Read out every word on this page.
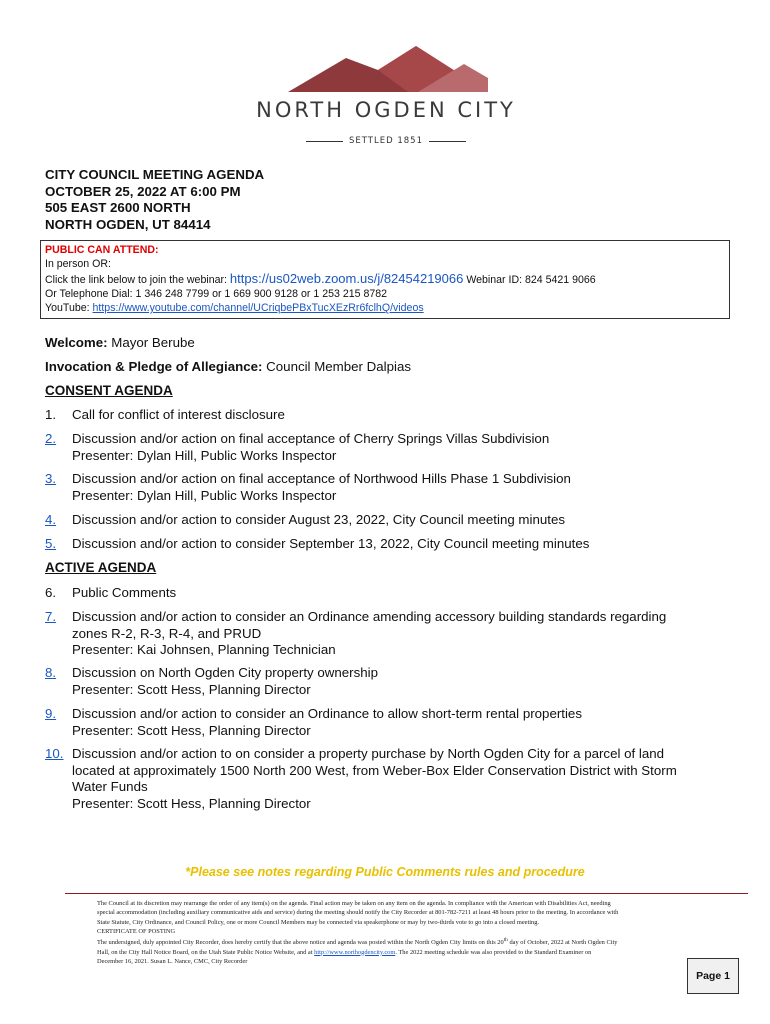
NORTH OGDEN CITY
SETTLED 1851
CITY COUNCIL MEETING AGENDA
OCTOBER 25, 2022 AT 6:00 PM
505 EAST 2600 NORTH
NORTH OGDEN, UT 84414
PUBLIC CAN ATTEND:
In person OR:
Click the link below to join the webinar: https://us02web.zoom.us/j/82454219066 Webinar ID: 824 5421 9066
Or Telephone Dial: 1 346 248 7799 or 1 669 900 9128 or 1 253 215 8782
YouTube: https://www.youtube.com/channel/UCriqbePBxTucXEzRr6fclhQ/videos
Welcome: Mayor Berube
Invocation & Pledge of Allegiance: Council Member Dalpias
CONSENT AGENDA
1. Call for conflict of interest disclosure
2. Discussion and/or action on final acceptance of Cherry Springs Villas Subdivision
Presenter: Dylan Hill, Public Works Inspector
3. Discussion and/or action on final acceptance of Northwood Hills Phase 1 Subdivision
Presenter: Dylan Hill, Public Works Inspector
4. Discussion and/or action to consider August 23, 2022, City Council meeting minutes
5. Discussion and/or action to consider September 13, 2022, City Council meeting minutes
ACTIVE AGENDA
6. Public Comments
7. Discussion and/or action to consider an Ordinance amending accessory building standards regarding
zones R-2, R-3, R-4, and PRUD
Presenter: Kai Johnsen, Planning Technician
8. Discussion on North Ogden City property ownership
Presenter: Scott Hess, Planning Director
9. Discussion and/or action to consider an Ordinance to allow short-term rental properties
Presenter: Scott Hess, Planning Director
10. Discussion and/or action to on consider a property purchase by North Ogden City for a parcel of land
located at approximately 1500 North 200 West, from Weber-Box Elder Conservation District with Storm
Water Funds
Presenter: Scott Hess, Planning Director
*Please see notes regarding Public Comments rules and procedure
The Council at its discretion may rearrange the order of any item(s) on the agenda. Final action may be taken on any item on the agenda. In compliance with the American with Disabilities Act, needing
special accommodation (including auxiliary communicative aids and service) during the meeting should notify the City Recorder at 801-782-7211 at least 48 hours prior to the meeting. In accordance with
State Statute, City Ordinance, and Council Policy, one or more Council Members may be connected via speakerphone or may by two-thirds vote to go into a closed meeting.
CERTIFICATE OF POSTING
The undersigned, duly appointed City Recorder, does hereby certify that the above notice and agenda was posted within the North Ogden City limits on this 20th day of October, 2022 at North Ogden City
Hall, on the City Hall Notice Board, on the Utah State Public Notice Website, and at http://www.northogdencity.com. The 2022 meeting schedule was also provided to the Standard Examiner on
December 16, 2021. Susan L. Nance, CMC, City Recorder
Page 1
